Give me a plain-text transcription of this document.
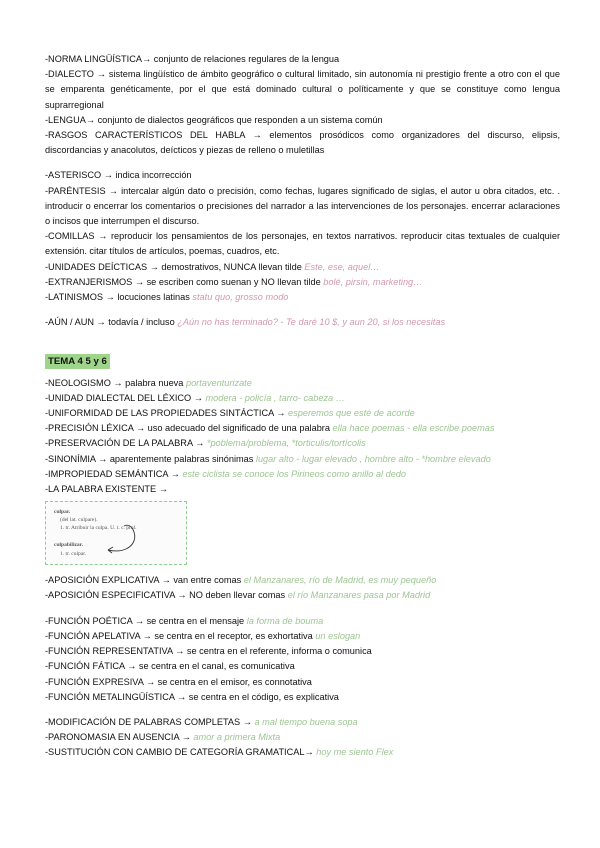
-NORMA LINGÜÍSTICA→ conjunto de relaciones regulares de la lengua
-DIALECTO → sistema lingüístico de ámbito geográfico o cultural limitado, sin autonomía ni prestigio frente a otro con el que se emparenta genéticamente, por el que está dominado cultural o políticamente y que se constituye como lengua suprarregional
-LENGUA→ conjunto de dialectos geográficos que responden a un sistema común
-RASGOS CARACTERÍSTICOS DEL HABLA → elementos prosódicos como organizadores del discurso, elipsis, discordancias y anacolutos, deícticos y piezas de relleno o muletillas
-ASTERISCO → indica incorrección
-PARÉNTESIS → intercalar algún dato o precisión, como fechas, lugares significado de siglas, el autor u obra citados, etc. . introducir o encerrar los comentarios o precisiones del narrador a las intervenciones de los personajes. encerrar aclaraciones o incisos que interrumpen el discurso.
-COMILLAS → reproducir los pensamientos de los personajes, en textos narrativos. reproducir citas textuales de cualquier extensión. citar títulos de artículos, poemas, cuadros, etc.
-UNIDADES DEÍCTICAS → demostrativos, NUNCA llevan tilde Este, ese, aquel…
-EXTRANJERISMOS → se escriben como suenan y NO llevan tilde bolé, pirsin, marketing…
-LATINISMOS → locuciones latinas statu quo, grosso modo
-AÚN / AUN → todavía / incluso ¿Aún no has terminado? - Te daré 10 $, y aun 20, si los necesitas
TEMA 4 5 y 6
-NEOLOGISMO → palabra nueva portaventurizate
-UNIDAD DIALECTAL DEL LÉXICO → modera - policía , tarro- cabeza …
-UNIFORMIDAD DE LAS PROPIEDADES SINTÁCTICA → esperemos que esté de acorde
-PRECISIÓN LÉXICA → uso adecuado del significado de una palabra ella hace poemas - ella escribe poemas
-PRESERVACIÓN DE LA PALABRA → *poblema/problema, *torticulis/tortícolis
-SINONÍMIA → aparentemente palabras sinónimas lugar alto - lugar elevado , hombre alto - *hombre elevado
-IMPROPIEDAD SEMÁNTICA → este ciclista se conoce los Pirineos como anillo al dedo
-LA PALABRA EXISTENTE →
culpar.
(del lat. culpare).
1. tr. Atribuir la culpa. U. t. c. prnl.
culpabilizar.
1. tr. culpar.
-APOSICIÓN EXPLICATIVA → van entre comas el Manzanares, río de Madrid, es muy pequeño
-APOSICIÓN ESPECIFICATIVA → NO deben llevar comas el río Manzanares pasa por Madrid
-FUNCIÓN POÉTICA → se centra en el mensaje la forma de bouma
-FUNCIÓN APELATIVA → se centra en el receptor, es exhortativa un eslogan
-FUNCIÓN REPRESENTATIVA → se centra en el referente, informa o comunica
-FUNCIÓN FÁTICA → se centra en el canal, es comunicativa
-FUNCIÓN EXPRESIVA → se centra en el emisor, es connotativa
-FUNCIÓN METALINGÜÍSTICA → se centra en el código, es explicativa
-MODIFICACIÓN DE PALABRAS COMPLETAS → a mal tiempo buena sopa
-PARONOMASIA EN AUSENCIA → amor a primera Mixta
-SUSTITUCIÓN CON CAMBIO DE CATEGORÍA GRAMATICAL→ hoy me siento Flex
